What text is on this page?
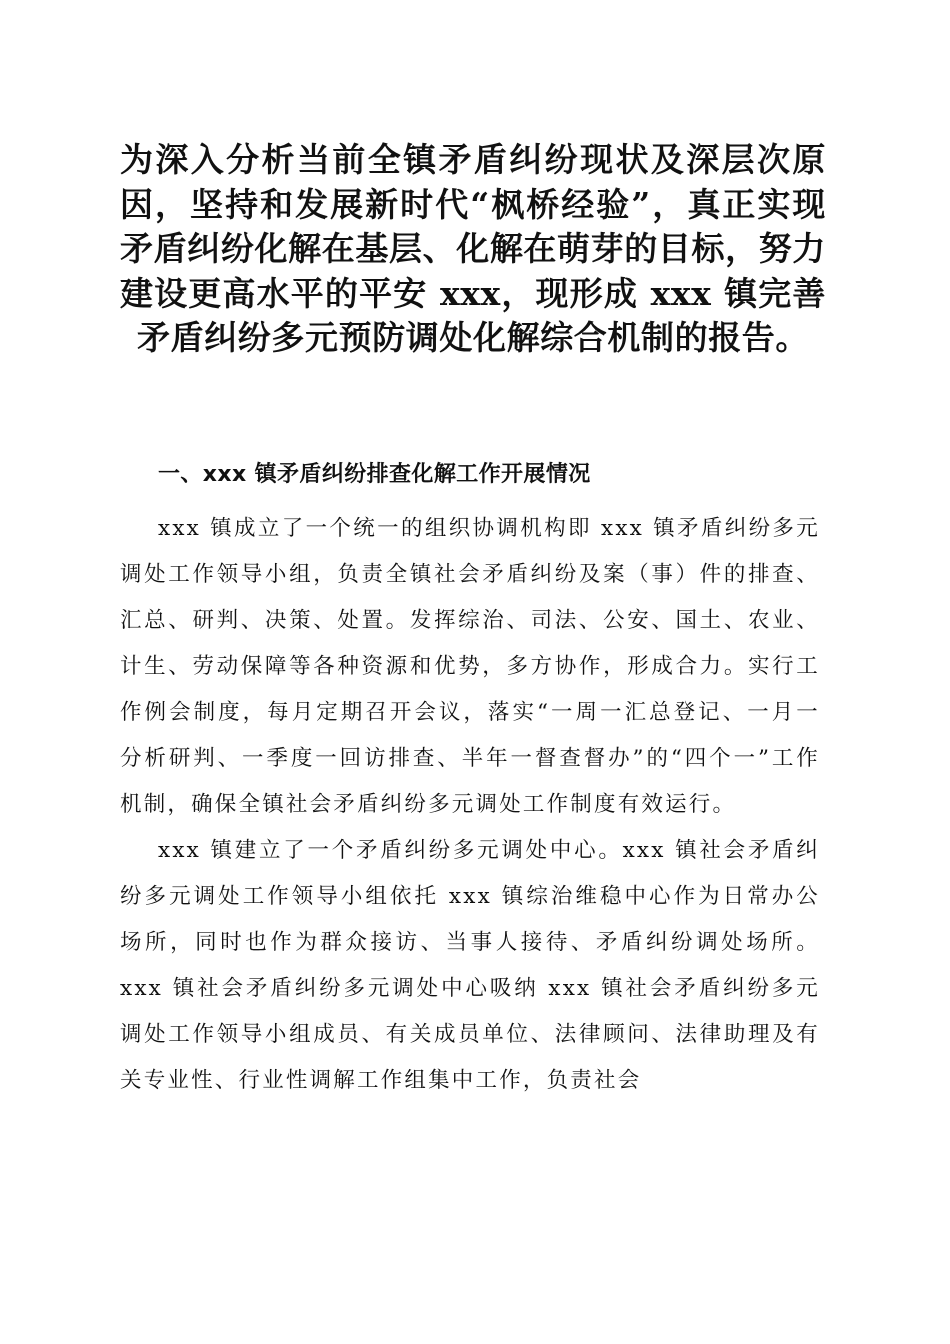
为深入分析当前全镇矛盾纠纷现状及深层次原因，坚持和发展新时代“枫桥经验”，真正实现矛盾纠纷化解在基层、化解在萌芽的目标，努力建设更高水平的平安 xxx，现形成 xxx 镇完善矛盾纠纷多元预防调处化解综合机制的报告。
一、xxx 镇矛盾纠纷排查化解工作开展情况

xxx 镇成立了一个统一的组织协调机构即 xxx 镇矛盾纠纷多元调处工作领导小组，负责全镇社会矛盾纠纷及案（事）件的排查、汇总、研判、决策、处置。发挥综治、司法、公安、国土、农业、计生、劳动保障等各种资源和优势，多方协作，形成合力。实行工作例会制度，每月定期召开会议，落实“一周一汇总登记、一月一分析研判、一季度一回访排查、半年一督查督办”的“四个一”工作机制，确保全镇社会矛盾纠纷多元调处工作制度有效运行。

xxx 镇建立了一个矛盾纠纷多元调处中心。xxx 镇社会矛盾纠纷多元调处工作领导小组依托 xxx 镇综治维稳中心作为日常办公场所，同时也作为群众接访、当事人接待、矛盾纠纷调处场所。xxx 镇社会矛盾纠纷多元调处中心吸纳 xxx 镇社会矛盾纠纷多元调处工作领导小组成员、有关成员单位、法律顾问、法律助理及有关专业性、行业性调解工作组集中工作，负责社会
